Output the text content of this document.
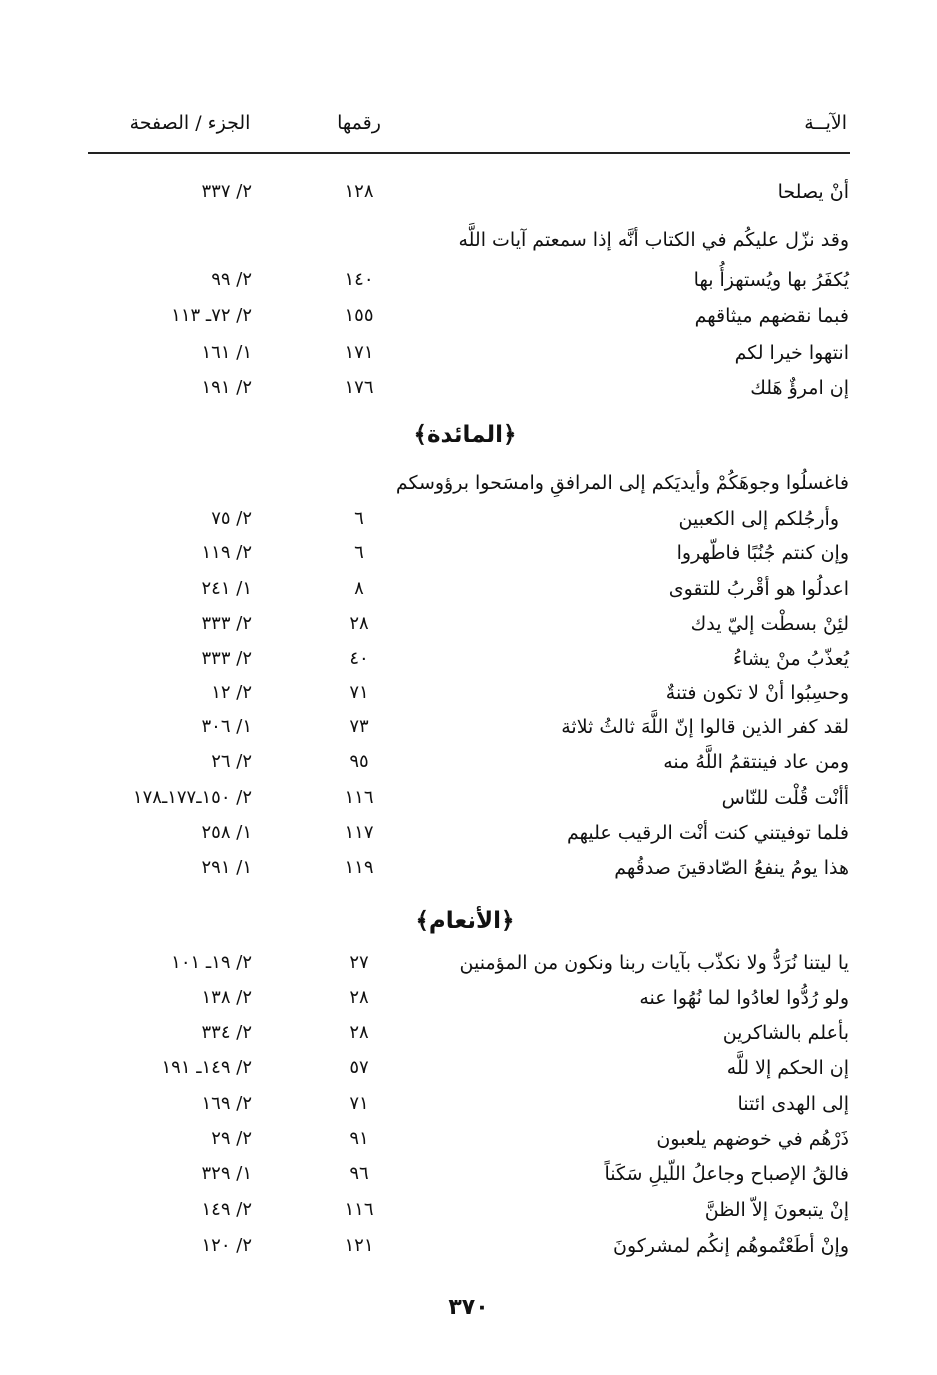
الآيــة
رقمها
الجزء / الصفحة
أنْ يصلحا
١٢٨
٢/ ٣٣٧
وقد نزّل عليكُم في الكتاب أنَّه إذا سمعتم آيات اللَّه
يُكفَرُ بها ويُستهزأُ بها
١٤٠
٢/ ٩٩
فبما نقضهم ميثاقهم
١٥٥
٢/ ٧٢ـ ١١٣
انتهوا خيرا لكم
١٧١
١/ ١٦١
إن امرؤٌ هَلك
١٧٦
٢/ ١٩١
﴿المائدة﴾
فاغسلُوا وجوهَكُمْ وأيديَكم إلى المرافقِ وامسَحوا برؤوسكم
وأرجُلكم إلى الكعبين
٦
٢/ ٧٥
وإن كنتم جُنُبًا فاطّهروا
٦
٢/ ١١٩
اعدلُوا هو أقْربُ للتقوى
٨
١/ ٢٤١
لئِنْ بسطْت إليّ يدك
٢٨
٢/ ٣٣٣
يُعذّبُ منْ يشاءُ
٤٠
٢/ ٣٣٣
وحسِبُوا أنْ لا تكون فتنةٌ
٧١
٢/ ١٢
لقد كفر الذين قالوا إنّ اللَّهَ ثالثُ ثلاثة
٧٣
١/ ٣٠٦
ومن عاد فينتقمُ اللَّهُ منه
٩٥
٢/ ٢٦
أأنْت قُلْت للنّاس
١١٦
٢/ ١٥٠ـ١٧٧ـ١٧٨
فلما توفيتني كنت أنْت الرقيب عليهم
١١٧
١/ ٢٥٨
هذا يومُ ينفعُ الصّادقينَ صدقُهم
١١٩
١/ ٢٩١
﴿الأنعام﴾
يا ليتنا نُرَدُّ ولا نكذّب بآيات ربنا ونكون من المؤمنين
٢٧
٢/ ١٩ـ ١٠١
ولو رُدُّوا لعادُوا لما نُهُوا عنه
٢٨
٢/ ١٣٨
بأعلم بالشاكرين
٢٨
٢/ ٣٣٤
إن الحكم إلا للَّه
٥٧
٢/ ١٤٩ـ ١٩١
إلى الهدى ائتنا
٧١
٢/ ١٦٩
ذَرْهُم في خوضهم يلعبون
٩١
٢/ ٢٩
فالقُ الإصباح وجاعلُ اللّيلِ سَكَناً
٩٦
١/ ٣٢٩
إنْ يتبعونَ إلاّ الظنَّ
١١٦
٢/ ١٤٩
وإنْ أطَعْتُموهُم إنكُم لمشركونَ
١٢١
٢/ ١٢٠
٣٧٠
